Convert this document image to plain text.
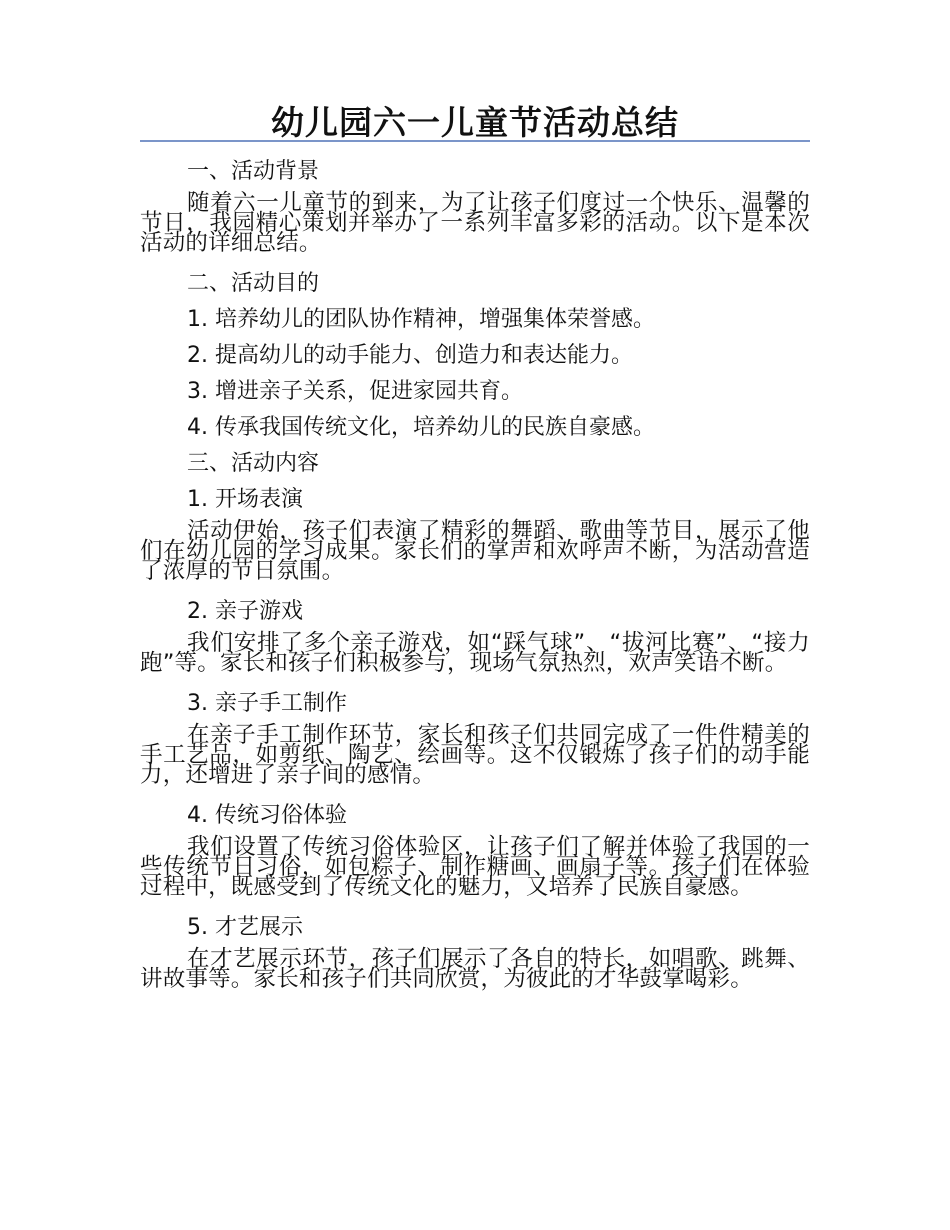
幼儿园六一儿童节活动总结
一、活动背景
随着六一儿童节的到来，为了让孩子们度过一个快乐、温馨的节日，我园精心策划并举办了一系列丰富多彩的活动。以下是本次活动的详细总结。
二、活动目的
1. 培养幼儿的团队协作精神，增强集体荣誉感。
2. 提高幼儿的动手能力、创造力和表达能力。
3. 增进亲子关系，促进家园共育。
4. 传承我国传统文化，培养幼儿的民族自豪感。
三、活动内容
1. 开场表演
活动伊始，孩子们表演了精彩的舞蹈、歌曲等节目，展示了他们在幼儿园的学习成果。家长们的掌声和欢呼声不断，为活动营造了浓厚的节日氛围。
2. 亲子游戏
我们安排了多个亲子游戏，如“踩气球”、“拔河比赛”、“接力跑”等。家长和孩子们积极参与，现场气氛热烈，欢声笑语不断。
3. 亲子手工制作
在亲子手工制作环节，家长和孩子们共同完成了一件件精美的手工艺品，如剪纸、陶艺、绘画等。这不仅锻炼了孩子们的动手能力，还增进了亲子间的感情。
4. 传统习俗体验
我们设置了传统习俗体验区，让孩子们了解并体验了我国的一些传统节日习俗，如包粽子、制作糖画、画扇子等。孩子们在体验过程中，既感受到了传统文化的魅力，又培养了民族自豪感。
5. 才艺展示
在才艺展示环节，孩子们展示了各自的特长，如唱歌、跳舞、讲故事等。家长和孩子们共同欣赏，为彼此的才华鼓掌喝彩。
